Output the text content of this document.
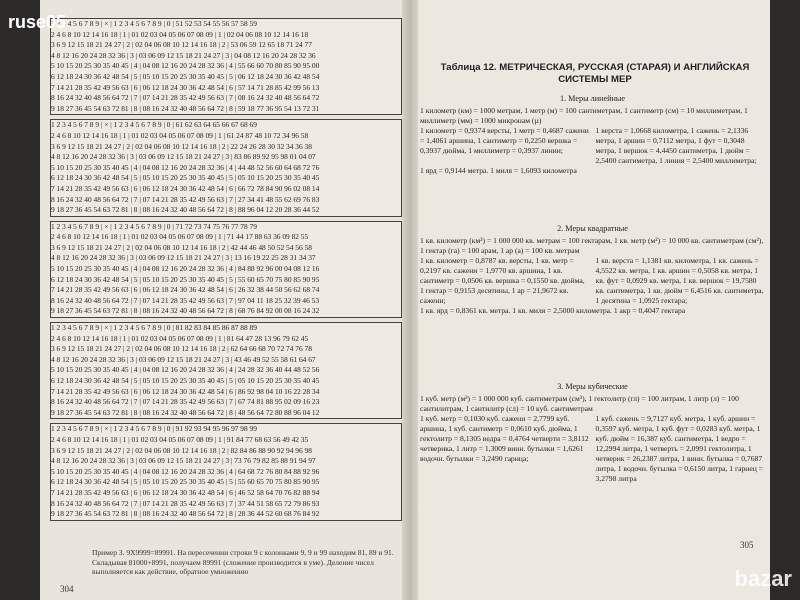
1 2 3 4 5 6 7 8 9 | × | 1 2 3 4 5 6 7 8 9 | 0 | 51 52 53 54 55 56 57 58 59
2 4 6 8 10 12 14 16 18 | 1 | 01 02 03 04 05 06 07 08 09 | 1 | 02 04 06 08 10 12 14 16 18
3 6 9 12 15 18 21 24 27 | 2 | 02 04 06 08 10 12 14 16 18 | 2 | 53 06 59 12 65 18 71 24 77
4 8 12 16 20 24 28 32 36 | 3 | 03 06 09 12 15 18 21 24 27 | 3 | 04 08 12 16 20 24 28 32 36
5 10 15 20 25 30 35 40 45 | 4 | 04 08 12 16 20 24 28 32 36 | 4 | 55 66 60 70 80 85 90 95 00
6 12 18 24 30 36 42 48 54 | 5 | 05 10 15 20 25 30 35 40 45 | 5 | 06 12 18 24 30 36 42 48 54
7 14 21 28 35 42 49 56 63 | 6 | 06 12 18 24 30 36 42 48 54 | 6 | 57 14 71 28 85 42 99 56 13
8 16 24 32 40 48 56 64 72 | 7 | 07 14 21 28 35 42 49 56 63 | 7 | 08 16 24 32 40 48 56 64 72
9 18 27 36 45 54 63 72 81 | 8 | 08 16 24 32 40 48 56 64 72 | 8 | 59 18 77 36 95 54 13 72 31
1 2 3 4 5 6 7 8 9 | × | 1 2 3 4 5 6 7 8 9 | 0 | 61 62 63 64 65 66 67 68 69
2 4 6 8 10 12 14 16 18 | 1 | 01 02 03 04 05 06 07 08 09 | 1 | 61 24 87 48 10 72 34 96 58
3 6 9 12 15 18 21 24 27 | 2 | 02 04 06 08 10 12 14 16 18 | 2 | 22 24 26 28 30 32 34 36 38
4 8 12 16 20 24 28 32 36 | 3 | 03 06 09 12 15 18 21 24 27 | 3 | 83 86 89 92 95 98 01 04 07
5 10 15 20 25 30 35 40 45 | 4 | 04 08 12 16 20 24 28 32 36 | 4 | 44 48 52 56 60 64 68 72 76
6 12 18 24 30 36 42 48 54 | 5 | 05 10 15 20 25 30 35 40 45 | 5 | 05 10 15 20 25 30 35 40 45
7 14 21 28 35 42 49 56 63 | 6 | 06 12 18 24 30 36 42 48 54 | 6 | 66 72 78 84 90 96 02 08 14
8 16 24 32 40 48 56 64 72 | 7 | 07 14 21 28 35 42 49 56 63 | 7 | 27 34 41 48 55 62 69 76 83
9 18 27 36 45 54 63 72 81 | 8 | 08 16 24 32 40 48 56 64 72 | 8 | 88 96 04 12 20 28 36 44 52
1 2 3 4 5 6 7 8 9 | × | 1 2 3 4 5 6 7 8 9 | 0 | 71 72 73 74 75 76 77 78 79
2 4 6 8 10 12 14 16 18 | 1 | 01 02 03 04 05 06 07 08 09 | 1 | 71 44 17 88 63 36 09 82 55
3 6 9 12 15 18 21 24 27 | 2 | 02 04 06 08 10 12 14 16 18 | 2 | 42 44 46 48 50 52 54 56 58
4 8 12 16 20 24 28 32 36 | 3 | 03 06 09 12 15 18 21 24 27 | 3 | 13 16 19 22 25 28 31 34 37
5 10 15 20 25 30 35 40 45 | 4 | 04 08 12 16 20 24 28 32 36 | 4 | 84 88 92 96 00 04 08 12 16
6 12 18 24 30 36 42 48 54 | 5 | 05 10 15 20 25 30 35 40 45 | 5 | 55 60 65 70 75 80 85 90 95
7 14 21 28 35 42 49 56 63 | 6 | 06 12 18 24 30 36 42 48 54 | 6 | 26 32 38 44 50 56 62 68 74
8 16 24 32 40 48 56 64 72 | 7 | 07 14 21 28 35 42 49 56 63 | 7 | 97 04 11 18 25 32 39 46 53
9 18 27 36 45 54 63 72 81 | 8 | 08 16 24 32 40 48 56 64 72 | 8 | 68 76 84 92 00 08 16 24 32
1 2 3 4 5 6 7 8 9 | × | 1 2 3 4 5 6 7 8 9 | 0 | 81 82 83 84 85 86 87 88 89
2 4 6 8 10 12 14 16 18 | 1 | 01 02 03 04 05 06 07 08 09 | 1 | 81 64 47 28 13 96 79 62 45
3 6 9 12 15 18 21 24 27 | 2 | 02 04 06 08 10 12 14 16 18 | 2 | 62 64 66 68 70 72 74 76 78
4 8 12 16 20 24 28 32 36 | 3 | 03 06 09 12 15 18 21 24 27 | 3 | 43 46 49 52 55 58 61 64 67
5 10 15 20 25 30 35 40 45 | 4 | 04 08 12 16 20 24 28 32 36 | 4 | 24 28 32 36 40 44 48 52 56
6 12 18 24 30 36 42 48 54 | 5 | 05 10 15 20 25 30 35 40 45 | 5 | 05 10 15 20 25 30 35 40 45
7 14 21 28 35 42 49 56 63 | 6 | 06 12 18 24 30 36 42 48 54 | 6 | 86 92 98 04 10 16 22 28 34
8 16 24 32 40 48 56 64 72 | 7 | 07 14 21 28 35 42 49 56 63 | 7 | 67 74 81 88 95 02 09 16 23
9 18 27 36 45 54 63 72 81 | 8 | 08 16 24 32 40 48 56 64 72 | 8 | 48 56 64 72 80 88 96 04 12
1 2 3 4 5 6 7 8 9 | × | 1 2 3 4 5 6 7 8 9 | 0 | 91 92 93 94 95 96 97 98 99
2 4 6 8 10 12 14 16 18 | 1 | 01 02 03 04 05 06 07 08 09 | 1 | 91 84 77 68 63 56 49 42 35
3 6 9 12 15 18 21 24 27 | 2 | 02 04 06 08 10 12 14 16 18 | 2 | 82 84 86 88 90 92 94 96 98
4 8 12 16 20 24 28 32 36 | 3 | 03 06 09 12 15 18 21 24 27 | 3 | 73 76 79 82 85 88 91 94 97
5 10 15 20 25 30 35 40 45 | 4 | 04 08 12 16 20 24 28 32 36 | 4 | 64 68 72 76 80 84 88 92 96
6 12 18 24 30 36 42 48 54 | 5 | 05 10 15 20 25 30 35 40 45 | 5 | 55 60 65 70 75 80 85 90 95
7 14 21 28 35 42 49 56 63 | 6 | 06 12 18 24 30 36 42 48 54 | 6 | 46 52 58 64 70 76 82 88 94
8 16 24 32 40 48 56 64 72 | 7 | 07 14 21 28 35 42 49 56 63 | 7 | 37 44 51 58 65 72 79 86 93
9 18 27 36 45 54 63 72 81 | 8 | 08 16 24 32 40 48 56 64 72 | 8 | 28 36 44 52 60 68 76 84 92
Пример 3. 9Х9999=89991. На пересечении строки 9 с колонками 9, 9 и 99 находим 81, 89 и 91. Складывая 81000+8991, получаем 89991 (сложение производится в уме). Деление чисел выполняется как действие, обратное умножению
304
305
Таблица 12. МЕТРИЧЕСКАЯ, РУССКАЯ (СТАРАЯ) И АНГЛИЙСКАЯ СИСТЕМЫ МЕР
1. Меры линейные
1 километр (км) = 1000 метрам, 1 метр (м) = 100 сантиметрам, 1 сантиметр (см) = 10 миллиметрам, 1 миллиметр (мм) = 1000 микронам (µ)
1 километр = 0,9374 версты, 1 метр = 0,4687 сажени = 1,4061 аршина, 1 сантиметр = 0,2250 вершка = 0,3937 дюйма, 1 миллиметр = 0,3937 линии;
1 верста = 1,0668 километра, 1 сажень = 2,1336 метра, 1 аршин = 0,7112 метра, 1 фут = 0,3048 метра, 1 вершок = 4,4450 сантиметра, 1 дюйм = 2,5400 сантиметра, 1 линия = 2,5400 миллиметра;
1 ярд = 0,9144 метра. 1 миля = 1,6093 километра
2. Меры квадратные
1 кв. километр (км²) = 1 000 000 кв. метрам = 100 гектарам, 1 кв. метр (м²) = 10 000 кв. сантиметрам (см²), 1 гектар (га) = 100 арам, 1 ар (а) = 100 кв. метрам
1 кв. километр = 0,8787 кв. версты, 1 кв. метр = 0,2197 кв. сажени = 1,9770 кв. аршина, 1 кв. сантиметр = 0,0506 кв. вершка = 0,1550 кв. дюйма, 1 гектар = 0,9153 десятины, 1 ар = 21,9672 кв. сажени;
1 кв. верста = 1,1381 кв. километра, 1 кв. сажень = 4,5522 кв. метра, 1 кв. аршин = 0,5058 кв. метра, 1 кв. фут = 0,0929 кв. метра, 1 кв. вершок = 19,7580 кв. сантиметра, 1 кв. дюйм = 6,4516 кв. сантиметра, 1 десятина = 1,0925 гектара;
1 кв. ярд = 0,8361 кв. метра. 1 кв. миля = 2,5000 километра. 1 акр = 0,4047 гектара
3. Меры кубические
1 куб. метр (м³) = 1 000 000 куб. сантиметрам (см³), 1 гектолитр (гл) = 100 литрам, 1 литр (л) = 100 сантилитрам, 1 сантилитр (сл) = 10 куб. сантиметрам
1 куб. метр = 0,1030 куб. сажени = 2,7799 куб. аршина, 1 куб. сантиметр = 0,0610 куб. дюйма, 1 гектолитр = 8,1305 ведра = 0,4764 четверти = 3,8112 четверика, 1 литр = 1,3009 винн. бутылки = 1,6261 водочн. бутылки = 3,2490 гарнца;
1 куб. сажень = 9,7127 куб. метра, 1 куб. аршин = 0,3597 куб. метра, 1 куб. фут = 0,0283 куб. метра, 1 куб. дюйм = 16,387 куб. сантиметра, 1 ведро = 12,2994 литра, 1 четверть = 2,0991 гектолитра, 1 четверик = 26,2387 литра, 1 винн. бутылка = 0,7687 литра, 1 водочн. бутылка = 0,6150 литра, 1 гарнец = 3,2798 литра
ruse05
bazar
